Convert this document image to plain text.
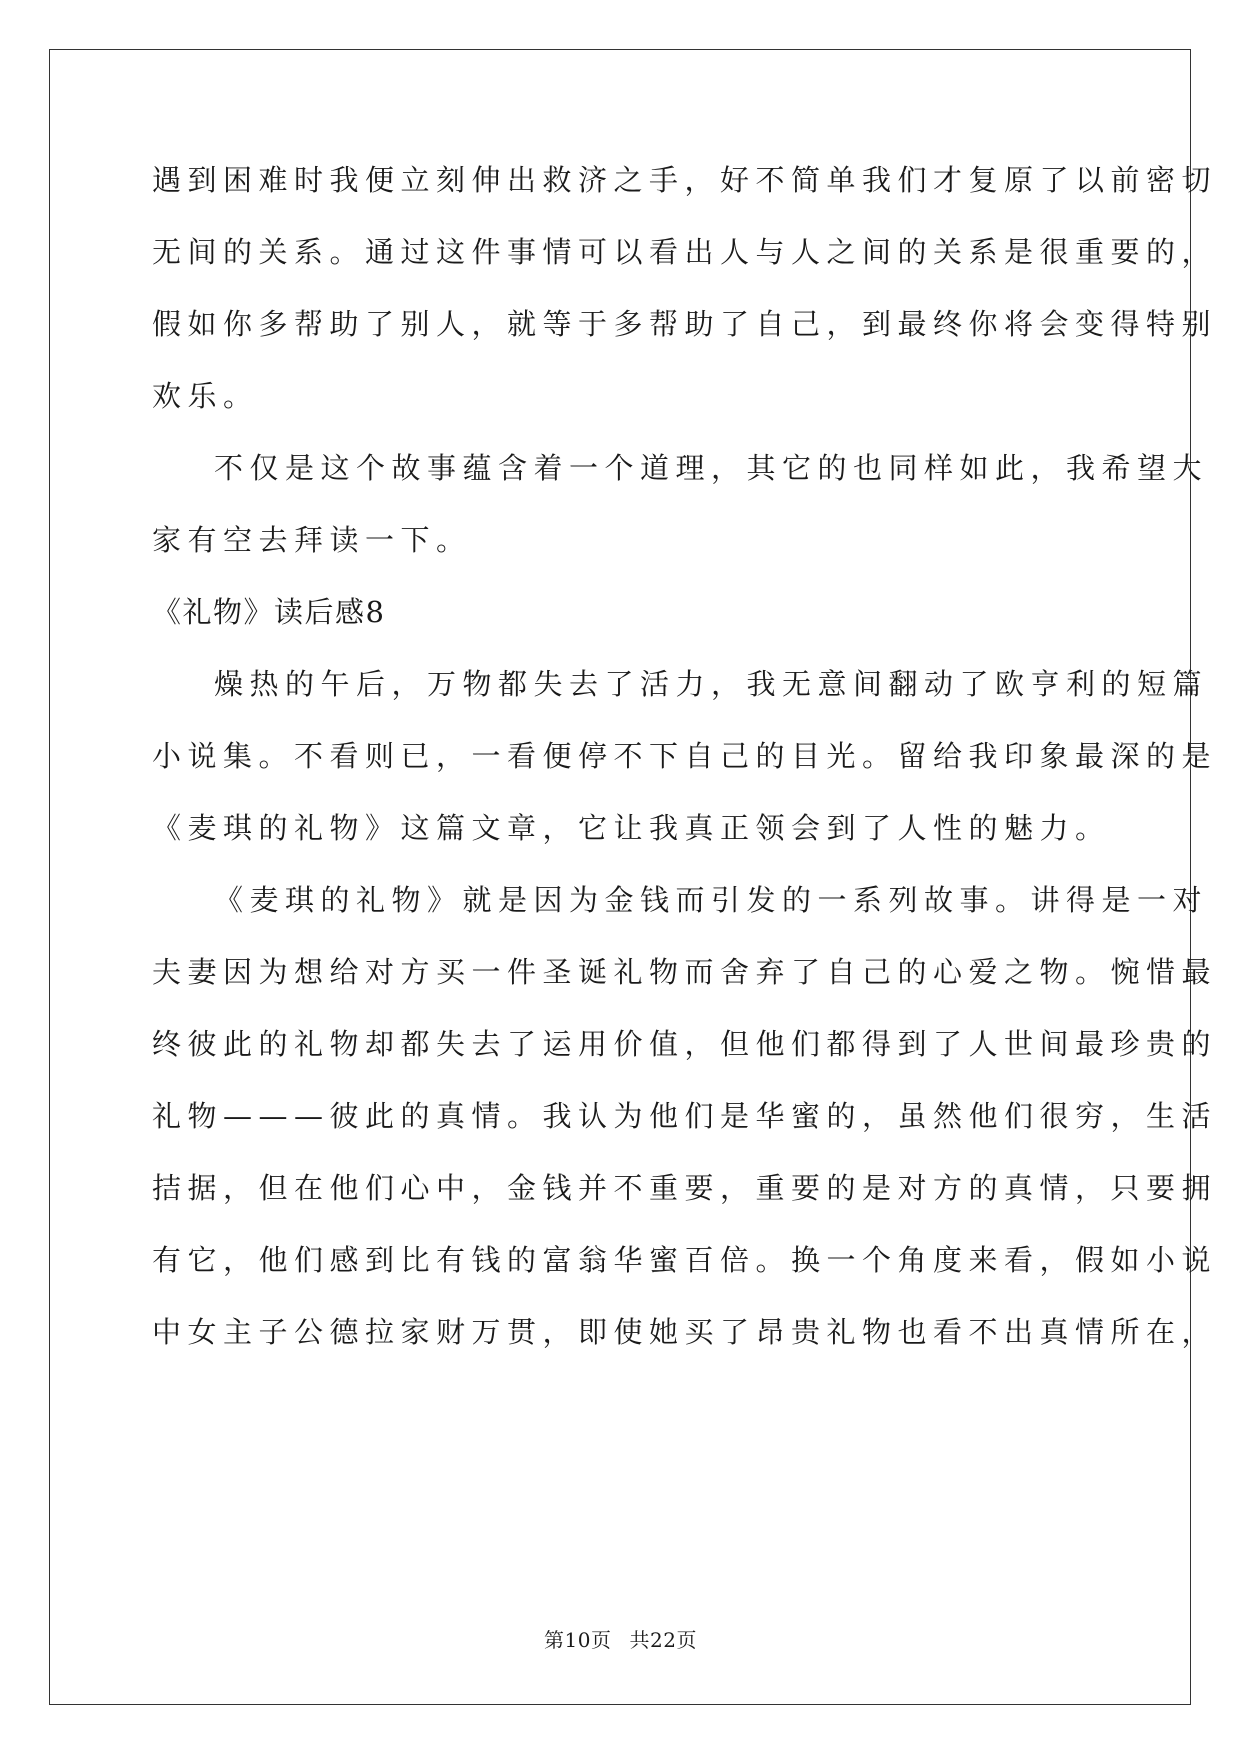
遇到困难时我便立刻伸出救济之手，好不简单我们才复原了以前密切
无间的关系。通过这件事情可以看出人与人之间的关系是很重要的，
假如你多帮助了别人，就等于多帮助了自己，到最终你将会变得特别
欢乐。
不仅是这个故事蕴含着一个道理，其它的也同样如此，我希望大
家有空去拜读一下。
《礼物》读后感8
燥热的午后，万物都失去了活力，我无意间翻动了欧亨利的短篇
小说集。不看则已，一看便停不下自己的目光。留给我印象最深的是
《麦琪的礼物》这篇文章，它让我真正领会到了人性的魅力。
《麦琪的礼物》就是因为金钱而引发的一系列故事。讲得是一对
夫妻因为想给对方买一件圣诞礼物而舍弃了自己的心爱之物。惋惜最
终彼此的礼物却都失去了运用价值，但他们都得到了人世间最珍贵的
礼物———彼此的真情。我认为他们是华蜜的，虽然他们很穷，生活
拮据，但在他们心中，金钱并不重要，重要的是对方的真情，只要拥
有它，他们感到比有钱的富翁华蜜百倍。换一个角度来看，假如小说
中女主子公德拉家财万贯，即使她买了昂贵礼物也看不出真情所在，
第10页 共22页
